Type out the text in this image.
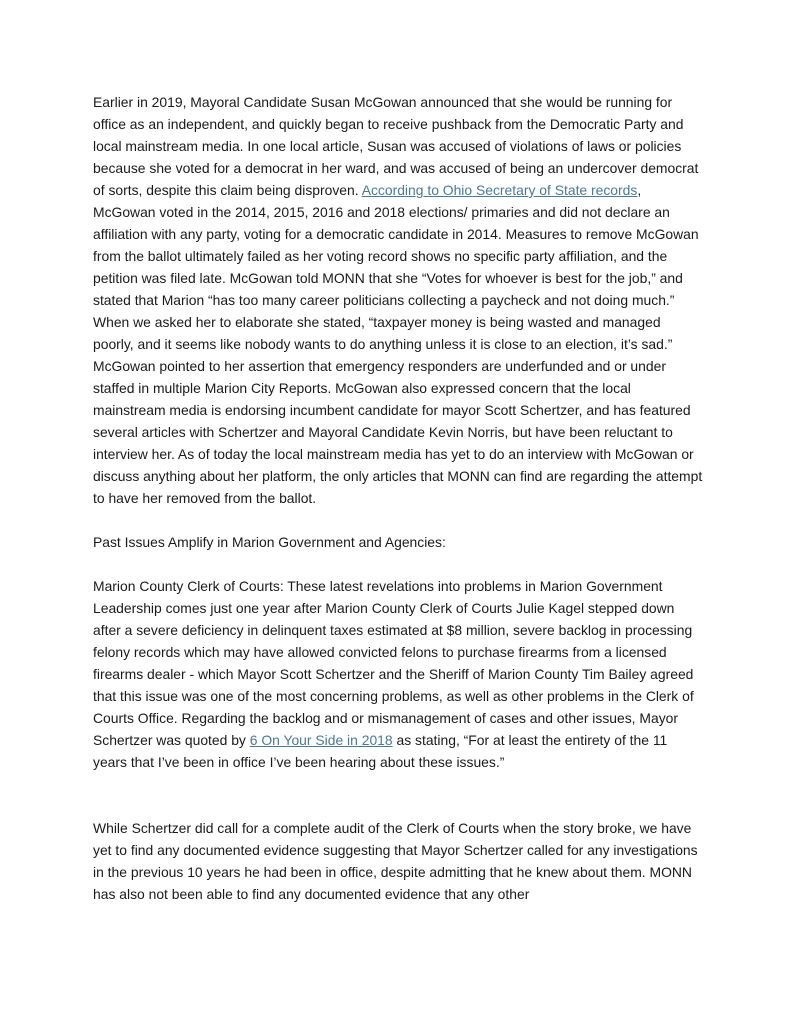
Earlier in 2019, Mayoral Candidate Susan McGowan announced that she would be running for office as an independent, and quickly began to receive pushback from the Democratic Party and local mainstream media. In one local article, Susan was accused of violations of laws or policies because she voted for a democrat in her ward, and was accused of being an undercover democrat of sorts, despite this claim being disproven. According to Ohio Secretary of State records, McGowan voted in the 2014, 2015, 2016 and 2018 elections/ primaries and did not declare an affiliation with any party, voting for a democratic candidate in 2014. Measures to remove McGowan from the ballot ultimately failed as her voting record shows no specific party affiliation, and the petition was filed late. McGowan told MONN that she “Votes for whoever is best for the job,” and stated that Marion “has too many career politicians collecting a paycheck and not doing much.” When we asked her to elaborate she stated, “taxpayer money is being wasted and managed poorly, and it seems like nobody wants to do anything unless it is close to an election, it’s sad.” McGowan pointed to her assertion that emergency responders are underfunded and or under staffed in multiple Marion City Reports. McGowan also expressed concern that the local mainstream media is endorsing incumbent candidate for mayor Scott Schertzer, and has featured several articles with Schertzer and Mayoral Candidate Kevin Norris, but have been reluctant to interview her. As of today the local mainstream media has yet to do an interview with McGowan or discuss anything about her platform, the only articles that MONN can find are regarding the attempt to have her removed from the ballot.

Past Issues Amplify in Marion Government and Agencies:

Marion County Clerk of Courts: These latest revelations into problems in Marion Government Leadership comes just one year after Marion County Clerk of Courts Julie Kagel stepped down after a severe deficiency in delinquent taxes estimated at $8 million, severe backlog in processing felony records which may have allowed convicted felons to purchase firearms from a licensed firearms dealer - which Mayor Scott Schertzer and the Sheriff of Marion County Tim Bailey agreed that this issue was one of the most concerning problems, as well as other problems in the Clerk of Courts Office. Regarding the backlog and or mismanagement of cases and other issues, Mayor Schertzer was quoted by 6 On Your Side in 2018 as stating, “For at least the entirety of the 11 years that I’ve been in office I’ve been hearing about these issues.”

While Schertzer did call for a complete audit of the Clerk of Courts when the story broke, we have yet to find any documented evidence suggesting that Mayor Schertzer called for any investigations in the previous 10 years he had been in office, despite admitting that he knew about them. MONN has also not been able to find any documented evidence that any other
